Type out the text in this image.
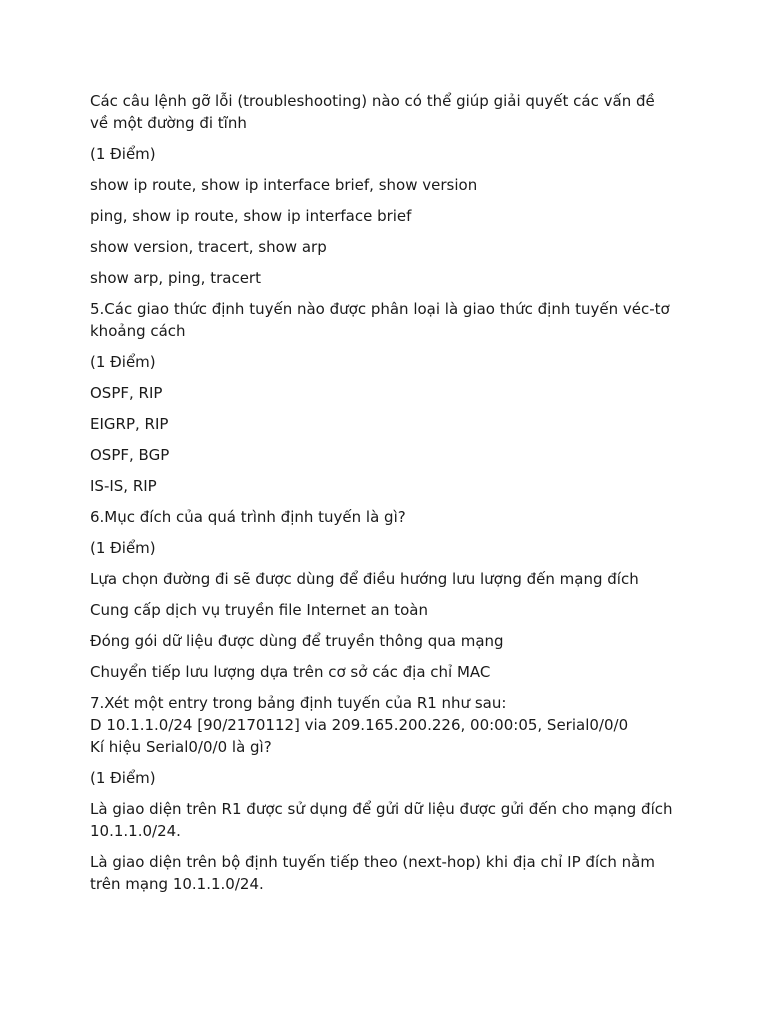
Các câu lệnh gỡ lỗi (troubleshooting) nào có thể giúp giải quyết các vấn đề
về một đường đi tĩnh

(1 Điểm)

show ip route, show ip interface brief, show version

ping, show ip route, show ip interface brief

show version, tracert, show arp

show arp, ping, tracert

5.Các giao thức định tuyến nào được phân loại là giao thức định tuyến véc-tơ
khoảng cách

(1 Điểm)

OSPF, RIP

EIGRP, RIP

OSPF, BGP

IS-IS, RIP

6.Mục đích của quá trình định tuyến là gì?

(1 Điểm)

Lựa chọn đường đi sẽ được dùng để điều hướng lưu lượng đến mạng đích

Cung cấp dịch vụ truyền file Internet an toàn

Đóng gói dữ liệu được dùng để truyền thông qua mạng

Chuyển tiếp lưu lượng dựa trên cơ sở các địa chỉ MAC

7.Xét một entry trong bảng định tuyến của R1 như sau:
D 10.1.1.0/24 [90/2170112] via 209.165.200.226, 00:00:05, Serial0/0/0
Kí hiệu Serial0/0/0 là gì?

(1 Điểm)

Là giao diện trên R1 được sử dụng để gửi dữ liệu được gửi đến cho mạng đích
10.1.1.0/24.

Là giao diện trên bộ định tuyến tiếp theo (next-hop) khi địa chỉ IP đích nằm
trên mạng 10.1.1.0/24.
